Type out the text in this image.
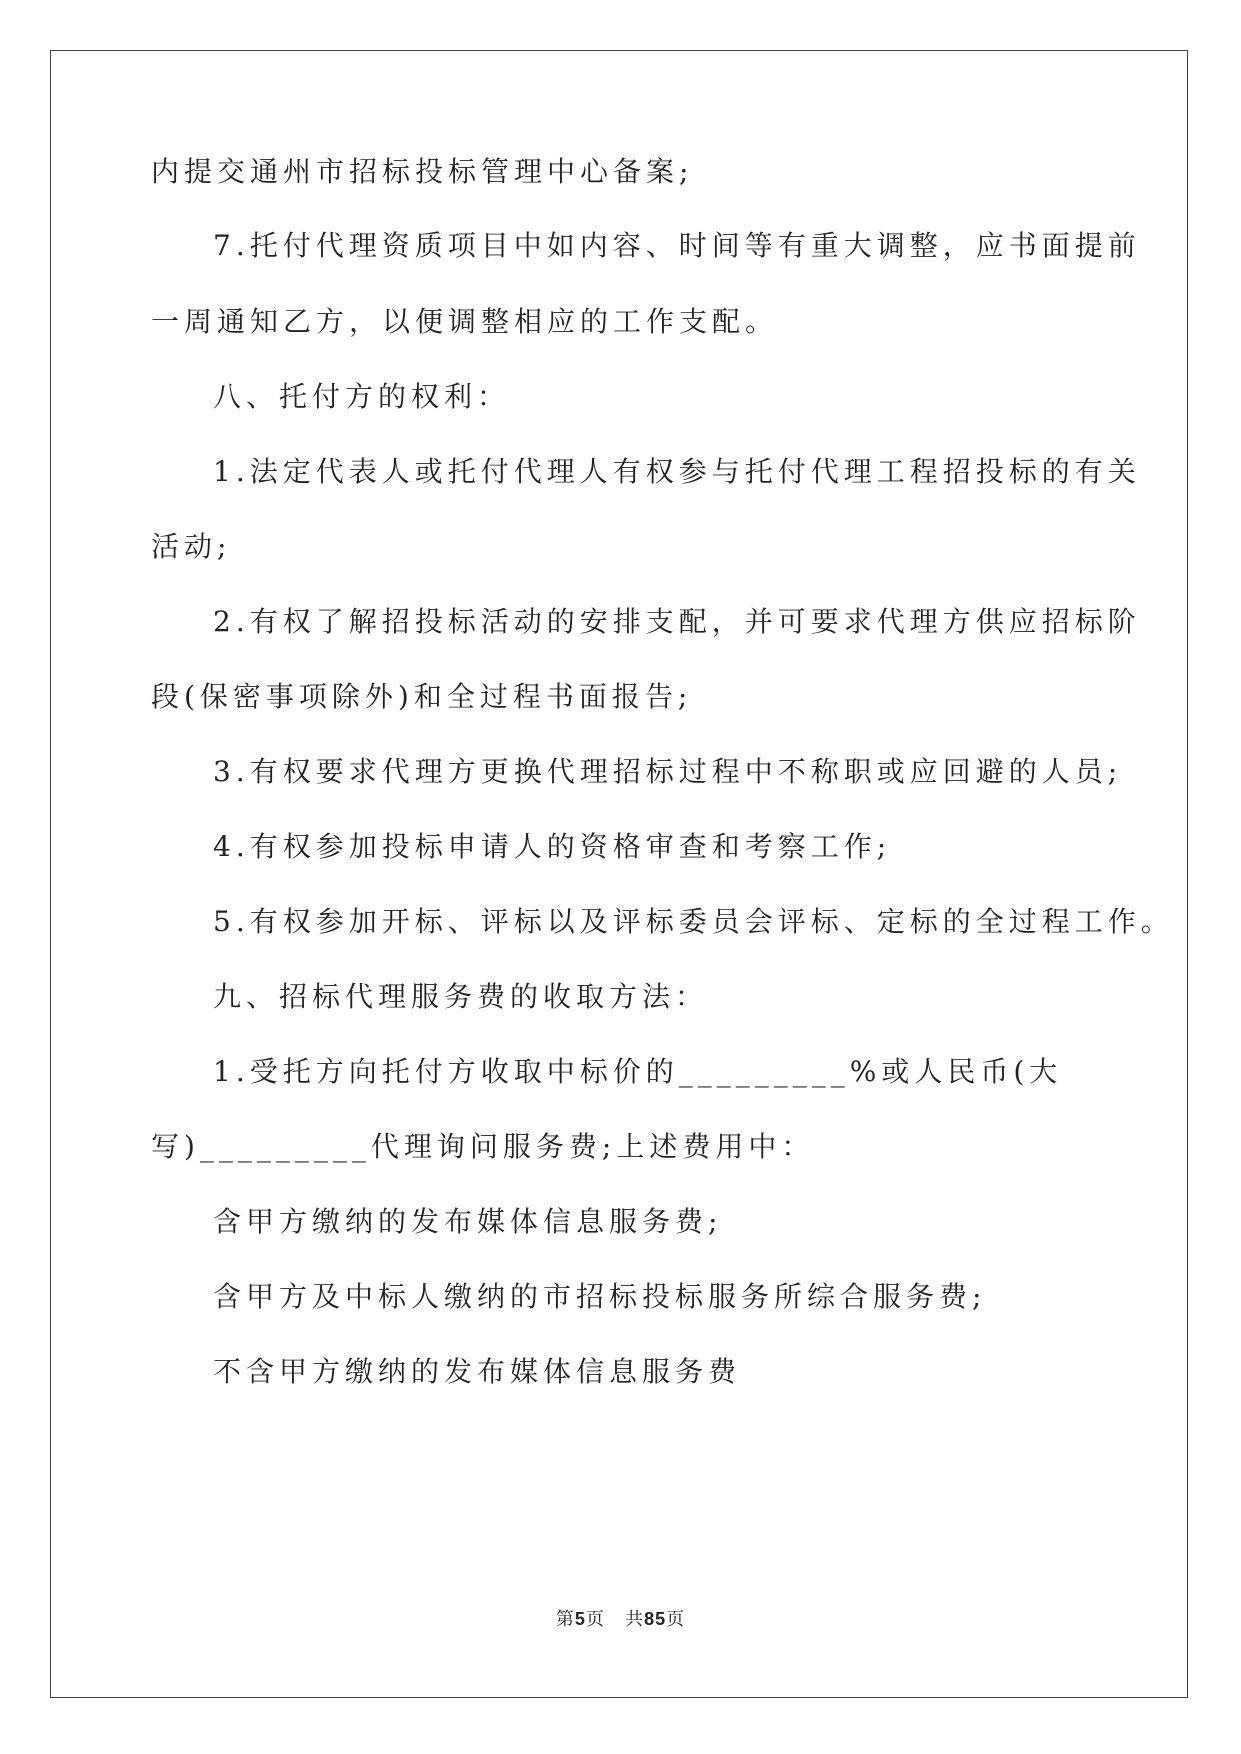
内提交通州市招标投标管理中心备案;
7.托付代理资质项目中如内容、时间等有重大调整，应书面提前
一周通知乙方，以便调整相应的工作支配。
八、托付方的权利：
1.法定代表人或托付代理人有权参与托付代理工程招投标的有关
活动;
2.有权了解招投标活动的安排支配，并可要求代理方供应招标阶
段(保密事项除外)和全过程书面报告;
3.有权要求代理方更换代理招标过程中不称职或应回避的人员;
4.有权参加投标申请人的资格审查和考察工作;
5.有权参加开标、评标以及评标委员会评标、定标的全过程工作。
九、招标代理服务费的收取方法：
1.受托方向托付方收取中标价的_________%或人民币(大
写)_________代理询问服务费;上述费用中：
含甲方缴纳的发布媒体信息服务费;
含甲方及中标人缴纳的市招标投标服务所综合服务费;
不含甲方缴纳的发布媒体信息服务费
第5页 共85页
